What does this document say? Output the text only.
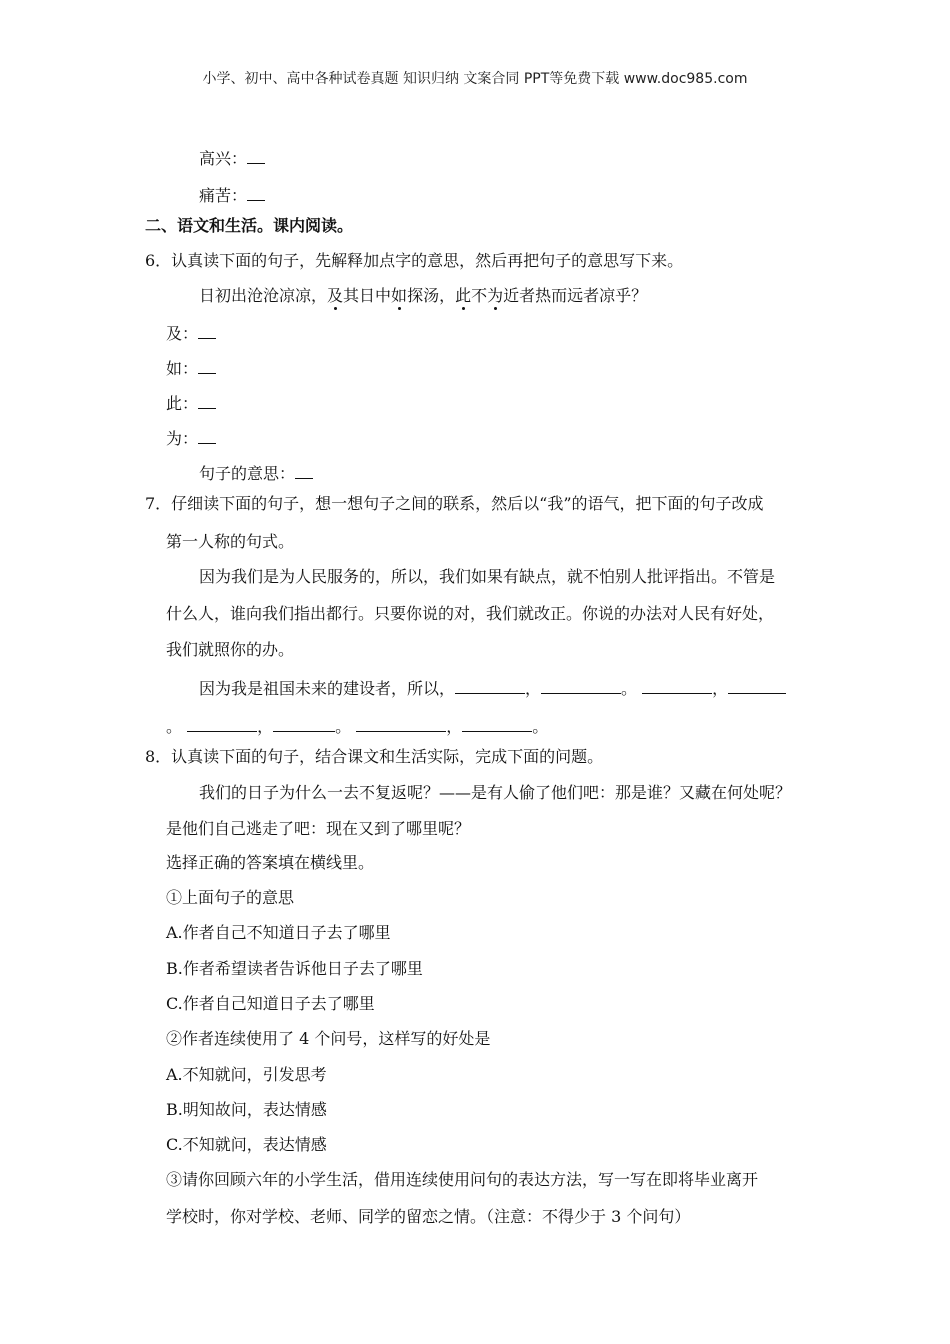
小学、初中、高中各种试卷真题 知识归纳 文案合同 PPT等免费下载 www.doc985.com
高兴：
痛苦：
二、语文和生活。课内阅读。
6．认真读下面的句子，先解释加点字的意思，然后再把句子的意思写下来。
日初出沧沧凉凉，及其日中如探汤，此不为近者热而远者凉乎？
及：
如：
此：
为：
句子的意思：
7．仔细读下面的句子，想一想句子之间的联系，然后以“我”的语气，把下面的句子改成
第一人称的句式。
因为我们是为人民服务的，所以，我们如果有缺点，就不怕别人批评指出。不管是
什么人，谁向我们指出都行。只要你说的对，我们就改正。你说的办法对人民有好处，
我们就照你的办。
因为我是祖国未来的建设者，所以，	，	。	，
。	，	。	，	。
8．认真读下面的句子，结合课文和生活实际，完成下面的问题。
我们的日子为什么一去不复返呢？——是有人偷了他们吧：那是谁？又藏在何处呢？
是他们自己逃走了吧：现在又到了哪里呢？
选择正确的答案填在横线里。
①上面句子的意思
A.作者自己不知道日子去了哪里
B.作者希望读者告诉他日子去了哪里
C.作者自己知道日子去了哪里
②作者连续使用了 4 个问号，这样写的好处是
A.不知就问，引发思考
B.明知故问，表达情感
C.不知就问，表达情感
③请你回顾六年的小学生活，借用连续使用问句的表达方法，写一写在即将毕业离开
学校时，你对学校、老师、同学的留恋之情。（注意：不得少于 3 个问句）
